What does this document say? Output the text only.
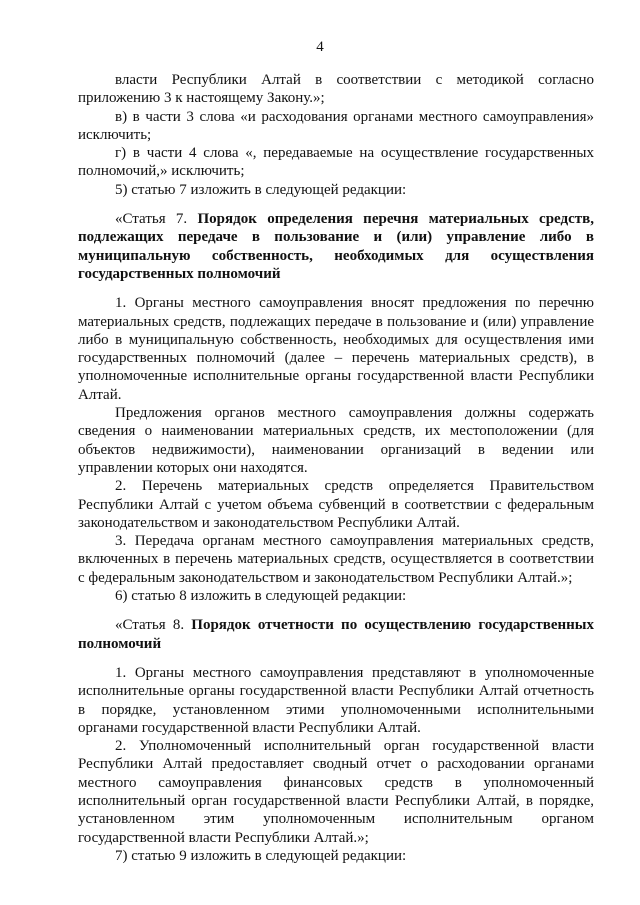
4

власти Республики Алтай в соответствии с методикой согласно приложению 3 к настоящему Закону.»;

в) в части 3 слова «и расходования органами местного самоуправления» исключить;

г) в части 4 слова «, передаваемые на осуществление государственных полномочий,» исключить;

5) статью 7 изложить в следующей редакции:

«Статья 7. Порядок определения перечня материальных средств, подлежащих передаче в пользование и (или) управление либо в муниципальную собственность, необходимых для осуществления государственных полномочий

1. Органы местного самоуправления вносят предложения по перечню материальных средств, подлежащих передаче в пользование и (или) управление либо в муниципальную собственность, необходимых для осуществления ими государственных полномочий (далее – перечень материальных средств), в уполномоченные исполнительные органы государственной власти Республики Алтай.

Предложения органов местного самоуправления должны содержать сведения о наименовании материальных средств, их местоположении (для объектов недвижимости), наименовании организаций в ведении или управлении которых они находятся.

2. Перечень материальных средств определяется Правительством Республики Алтай с учетом объема субвенций в соответствии с федеральным законодательством и законодательством Республики Алтай.

3. Передача органам местного самоуправления материальных средств, включенных в перечень материальных средств, осуществляется в соответствии с федеральным законодательством и законодательством Республики Алтай.»;

6) статью 8 изложить в следующей редакции:

«Статья 8. Порядок отчетности по осуществлению государственных полномочий

1. Органы местного самоуправления представляют в уполномоченные исполнительные органы государственной власти Республики Алтай отчетность в порядке, установленном этими уполномоченными исполнительными органами государственной власти Республики Алтай.

2. Уполномоченный исполнительный орган государственной власти Республики Алтай предоставляет сводный отчет о расходовании органами местного самоуправления финансовых средств в уполномоченный исполнительный орган государственной власти Республики Алтай, в порядке, установленном этим уполномоченным исполнительным органом государственной власти Республики Алтай.»;

7) статью 9 изложить в следующей редакции:
